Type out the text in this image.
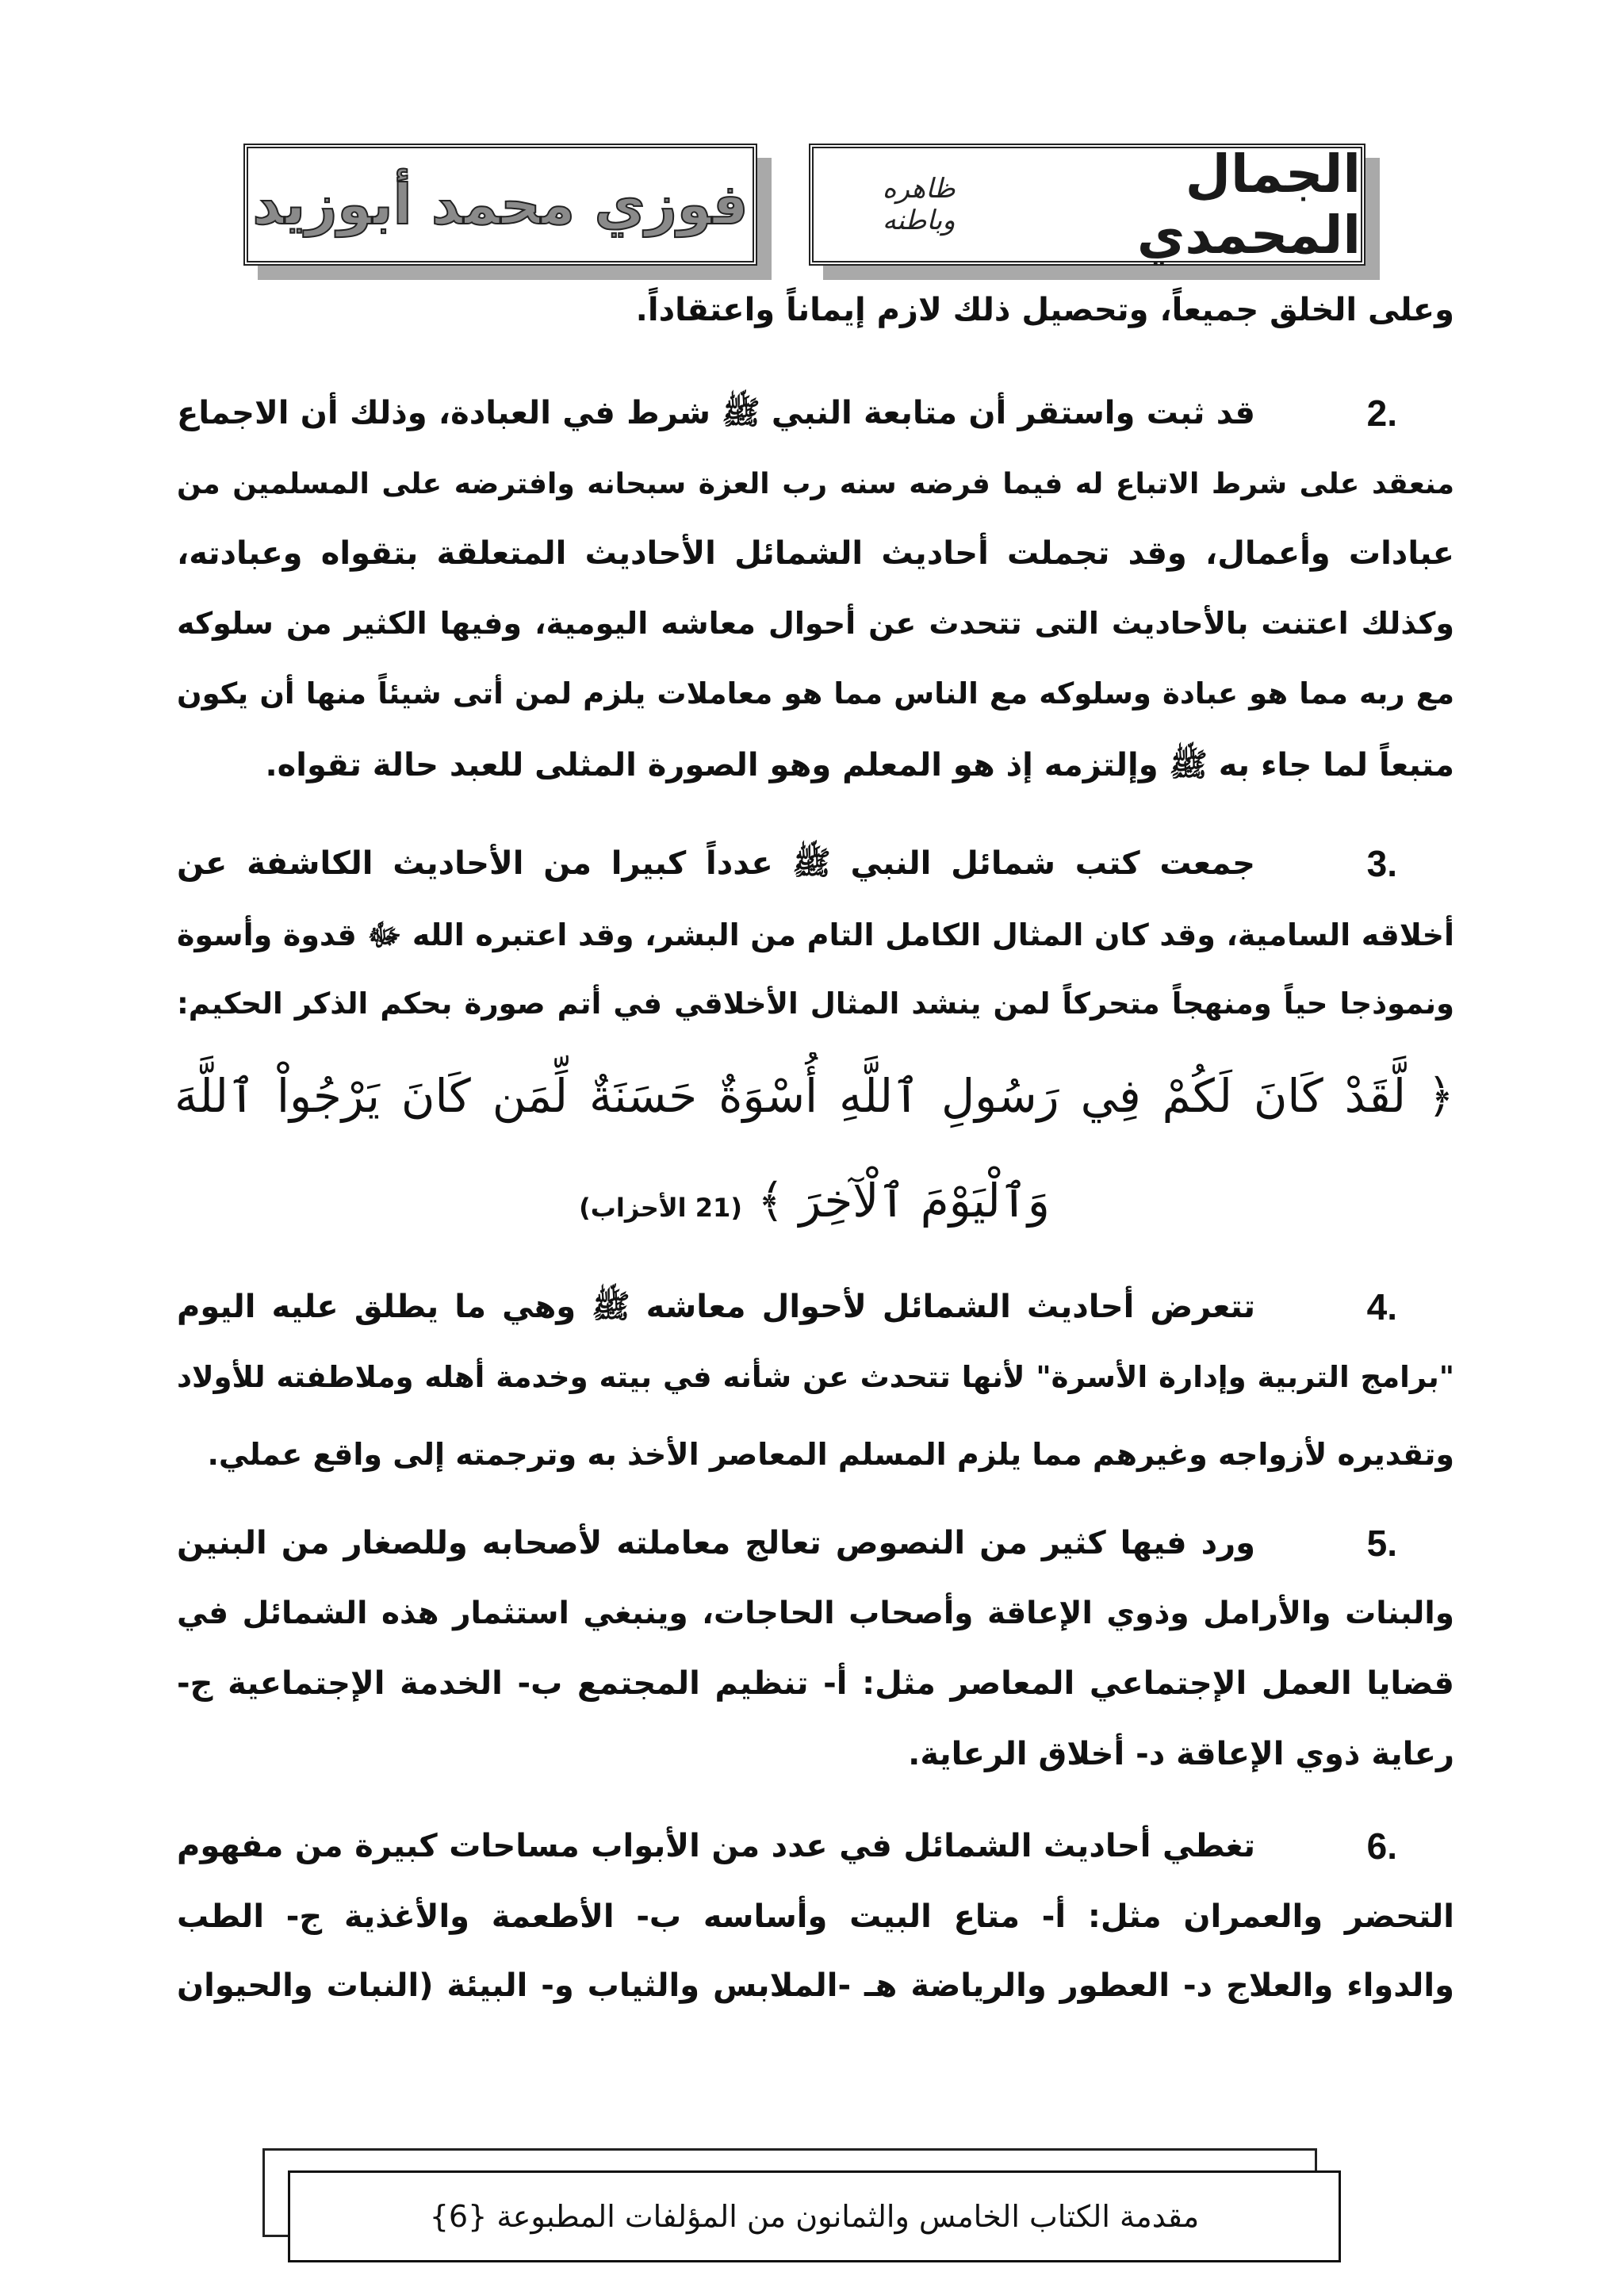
الجمال المحمدي
ظاهره وباطنه
فوزي محمد أبوزيد
وعلى الخلق جميعاً، وتحصيل ذلك لازم إيماناً واعتقاداً.
2.
قد ثبت واستقر أن متابعة النبي ﷺ شرط في العبادة، وذلك أن الاجماع
منعقد على شرط الاتباع له فيما فرضه سنه رب العزة سبحانه وافترضه على المسلمين من
عبادات وأعمال، وقد تجملت أحاديث الشمائل الأحاديث المتعلقة بتقواه وعبادته،
وكذلك اعتنت بالأحاديث التى تتحدث عن أحوال معاشه اليومية، وفيها الكثير من سلوكه
مع ربه مما هو عبادة وسلوكه مع الناس مما هو معاملات يلزم لمن أتى شيئاً منها أن يكون
متبعاً لما جاء به ﷺ وإلتزمه إذ هو المعلم وهو الصورة المثلى للعبد حالة تقواه.
3.
جمعت كتب شمائل النبي ﷺ عدداً كبيرا من الأحاديث الكاشفة عن
أخلاقه السامية، وقد كان المثال الكامل التام من البشر، وقد اعتبره الله ﷻ قدوة وأسوة
ونموذجا حياً ومنهجاً متحركاً لمن ينشد المثال الأخلاقي في أتم صورة بحكم الذكر الحكيم:
﴿ لَّقَدْ كَانَ لَكُمْ فِي رَسُولِ ٱللَّهِ أُسْوَةٌ حَسَنَةٌ لِّمَن كَانَ يَرْجُواْ ٱللَّهَ
وَٱلْيَوْمَ ٱلْآخِرَ ﴾ (21 الأحزاب)
4.
تتعرض أحاديث الشمائل لأحوال معاشه ﷺ وهي ما يطلق عليه اليوم
"برامج التربية وإدارة الأسرة" لأنها تتحدث عن شأنه في بيته وخدمة أهله وملاطفته للأولاد
وتقديره لأزواجه وغيرهم مما يلزم المسلم المعاصر الأخذ به وترجمته إلى واقع عملي.
5.
ورد فيها كثير من النصوص تعالج معاملته لأصحابه وللصغار من البنين
والبنات والأرامل وذوي الإعاقة وأصحاب الحاجات، وينبغي استثمار هذه الشمائل في
قضايا العمل الإجتماعي المعاصر مثل: أ- تنظيم المجتمع ب- الخدمة الإجتماعية ج-
رعاية ذوي الإعاقة د- أخلاق الرعاية.
6.
تغطي أحاديث الشمائل في عدد من الأبواب مساحات كبيرة من مفهوم
التحضر والعمران مثل: أ- متاع البيت وأساسه ب- الأطعمة والأغذية ج- الطب
والدواء والعلاج د- العطور والرياضة هـ -الملابس والثياب و- البيئة (النبات والحيوان
مقدمة الكتاب الخامس والثمانون من المؤلفات المطبوعة {6}
